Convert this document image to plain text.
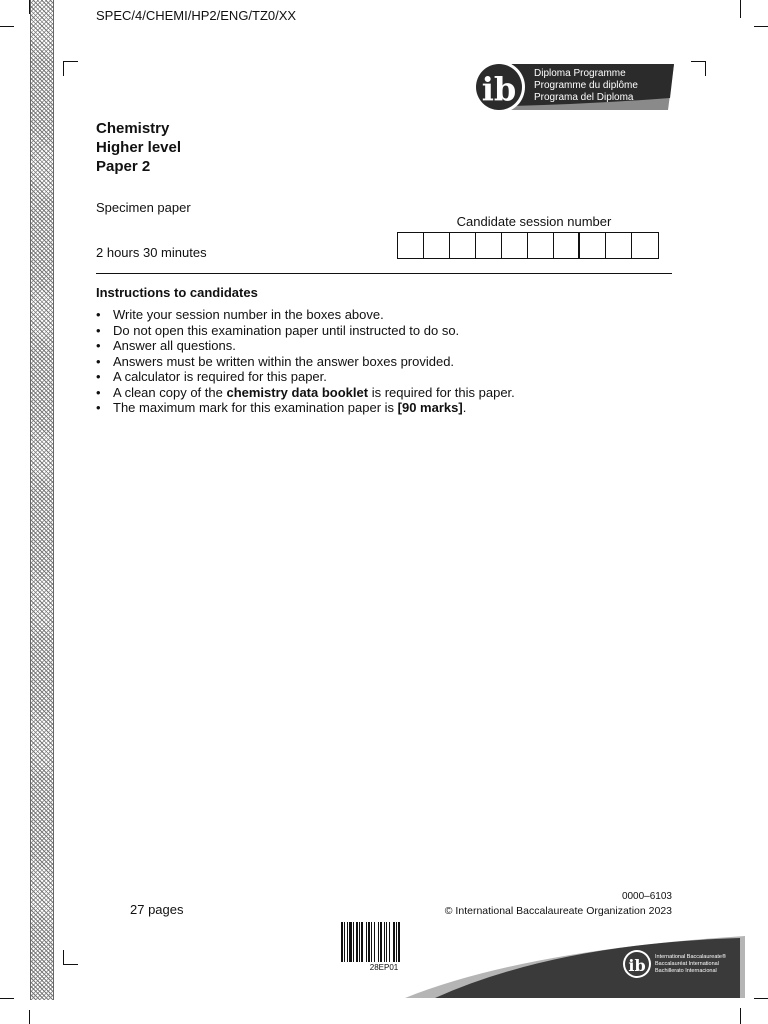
SPEC/4/CHEMI/HP2/ENG/TZ0/XX
ib Diploma Programme
Programme du diplôme
Programa del Diploma
Chemistry
Higher level
Paper 2
Specimen paper
2 hours 30 minutes
Candidate session number
Instructions to candidates
• Write your session number in the boxes above.
• Do not open this examination paper until instructed to do so.
• Answer all questions.
• Answers must be written within the answer boxes provided.
• A calculator is required for this paper.
• A clean copy of the chemistry data booklet is required for this paper.
• The maximum mark for this examination paper is [90 marks].
27 pages
0000–6103
© International Baccalaureate Organization 2023
ib International Baccalaureate®
Baccalauréat International
Bachillerato Internacional
28EP01
